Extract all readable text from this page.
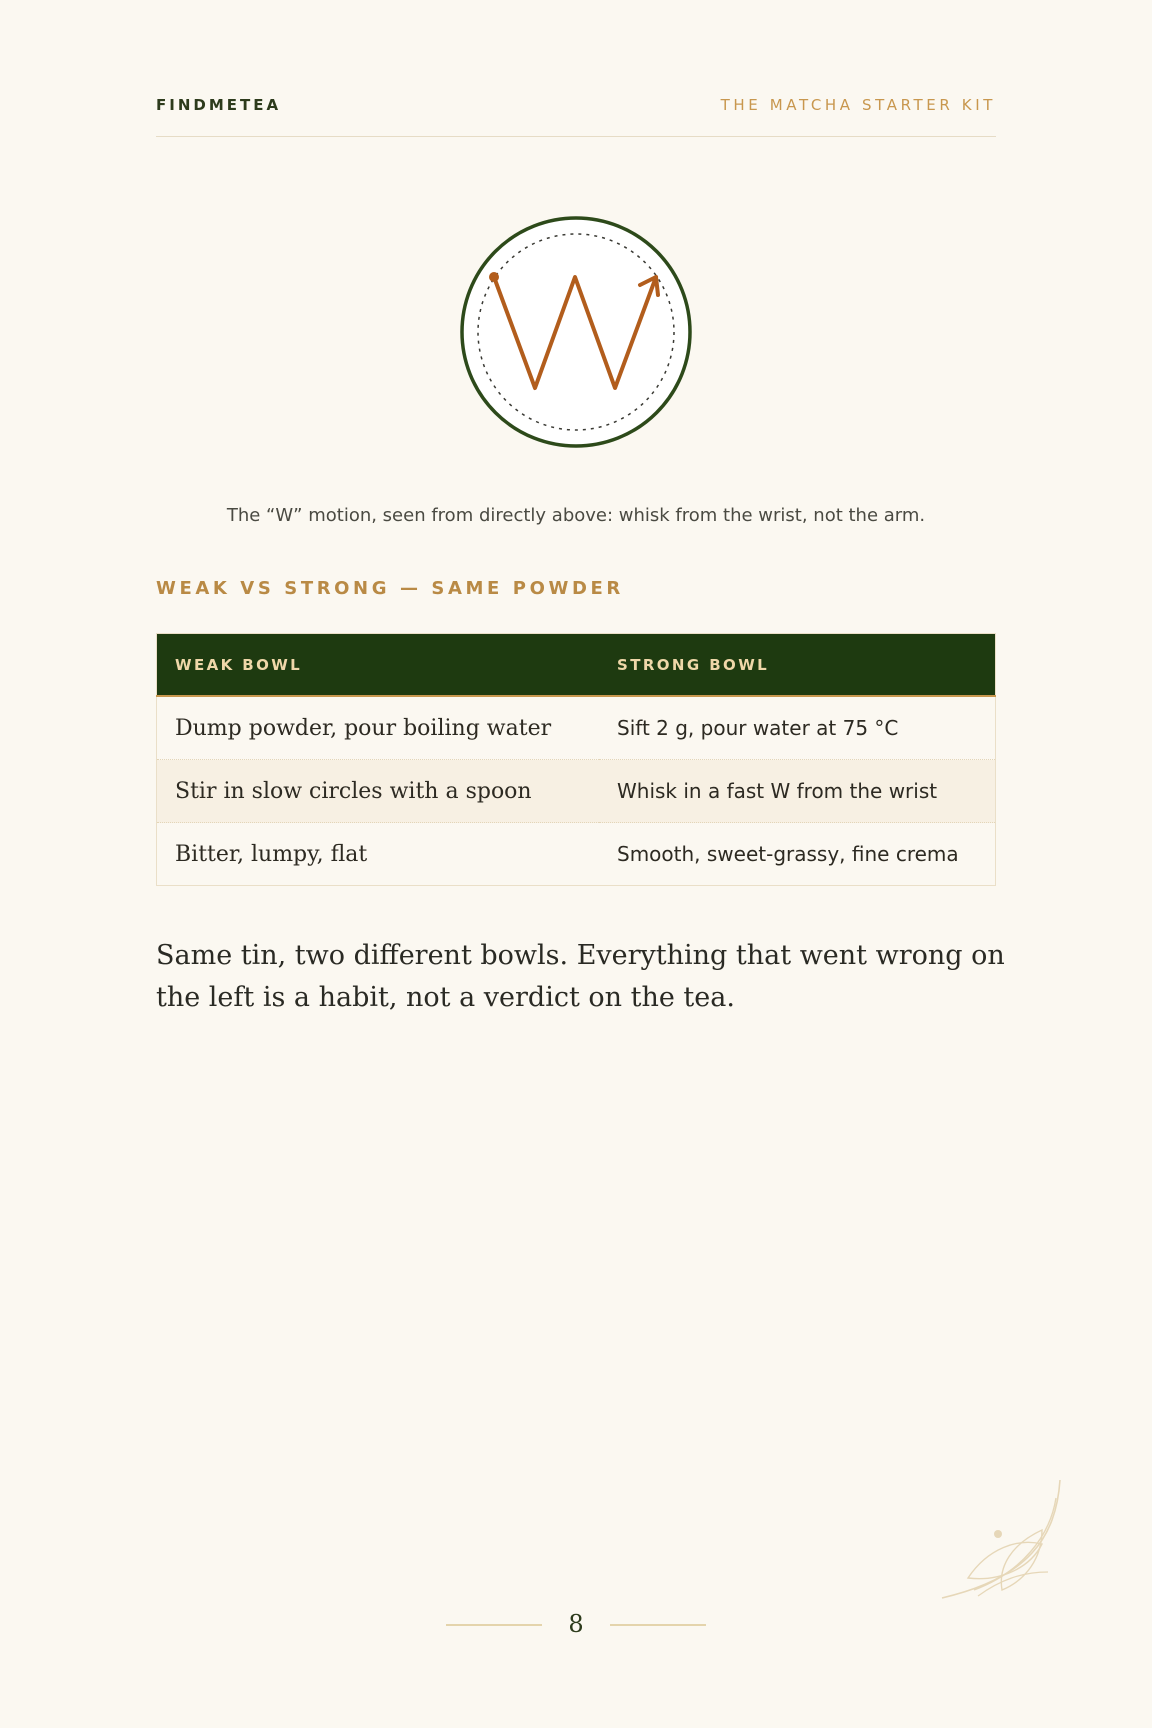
FINDMETEA	THE MATCHA STARTER KIT
The “W” motion, seen from directly above: whisk from the wrist, not the arm.
WEAK VS STRONG — SAME POWDER
WEAK BOWL	STRONG BOWL
Dump powder, pour boiling water	Sift 2 g, pour water at 75 °C
Stir in slow circles with a spoon	Whisk in a fast W from the wrist
Bitter, lumpy, flat	Smooth, sweet-grassy, fine crema

Same tin, two different bowls. Everything that went wrong on the left is a habit, not a verdict on the tea.

8
